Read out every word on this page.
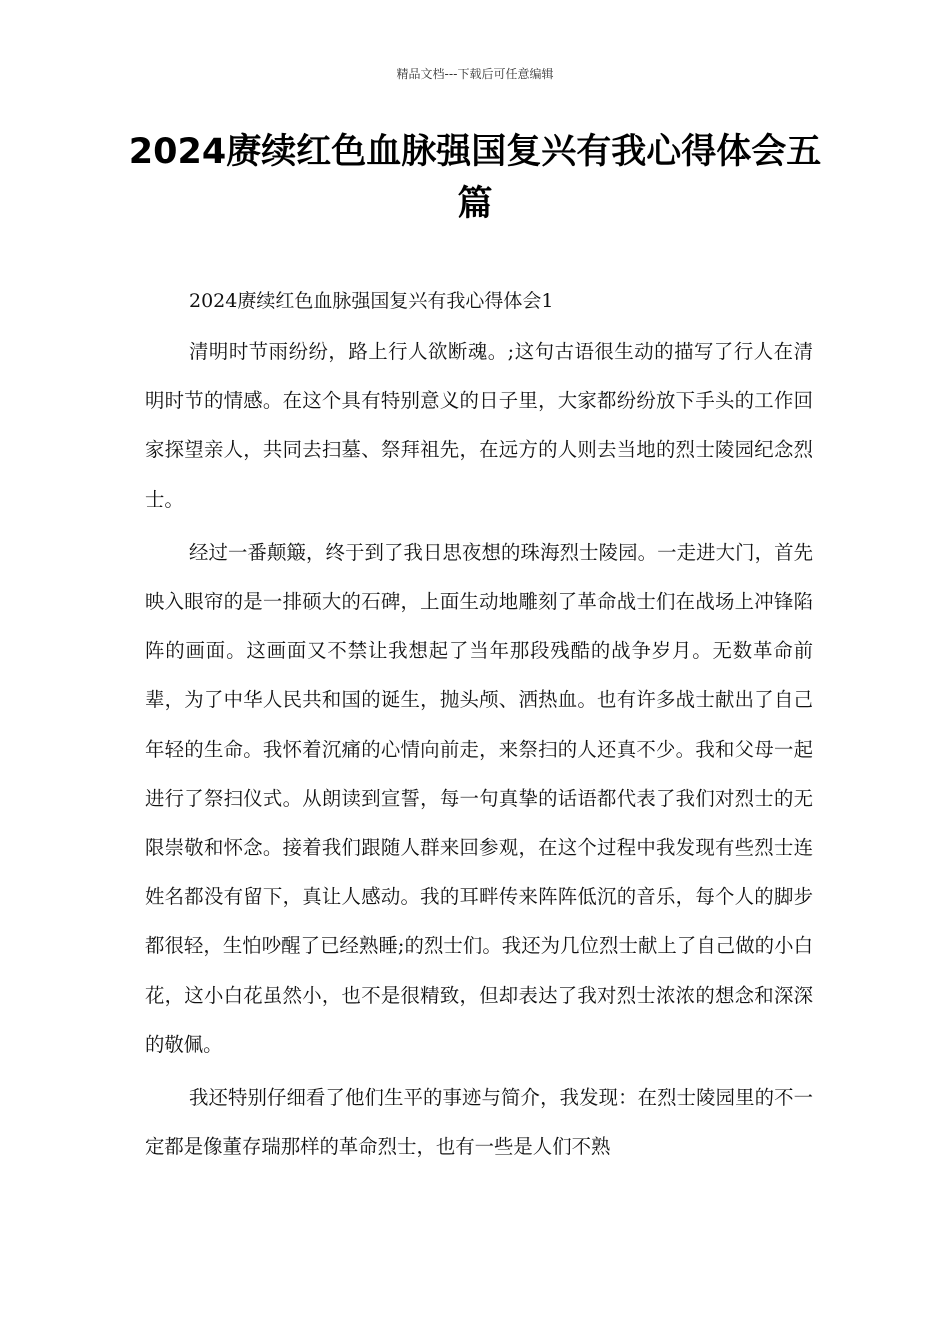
精品文档---下载后可任意编辑
2024赓续红色血脉强国复兴有我心得体会五篇
2024赓续红色血脉强国复兴有我心得体会1

清明时节雨纷纷，路上行人欲断魂。;这句古语很生动的描写了行人在清明时节的情感。在这个具有特别意义的日子里，大家都纷纷放下手头的工作回家探望亲人，共同去扫墓、祭拜祖先，在远方的人则去当地的烈士陵园纪念烈士。

经过一番颠簸，终于到了我日思夜想的珠海烈士陵园。一走进大门，首先映入眼帘的是一排硕大的石碑，上面生动地雕刻了革命战士们在战场上冲锋陷阵的画面。这画面又不禁让我想起了当年那段残酷的战争岁月。无数革命前辈，为了中华人民共和国的诞生，抛头颅、洒热血。也有许多战士献出了自己年轻的生命。我怀着沉痛的心情向前走，来祭扫的人还真不少。我和父母一起进行了祭扫仪式。从朗读到宣誓，每一句真挚的话语都代表了我们对烈士的无限崇敬和怀念。接着我们跟随人群来回参观，在这个过程中我发现有些烈士连姓名都没有留下，真让人感动。我的耳畔传来阵阵低沉的音乐，每个人的脚步都很轻，生怕吵醒了已经熟睡;的烈士们。我还为几位烈士献上了自己做的小白花，这小白花虽然小，也不是很精致，但却表达了我对烈士浓浓的想念和深深的敬佩。

我还特别仔细看了他们生平的事迹与简介，我发现：在烈士陵园里的不一定都是像董存瑞那样的革命烈士，也有一些是人们不熟
